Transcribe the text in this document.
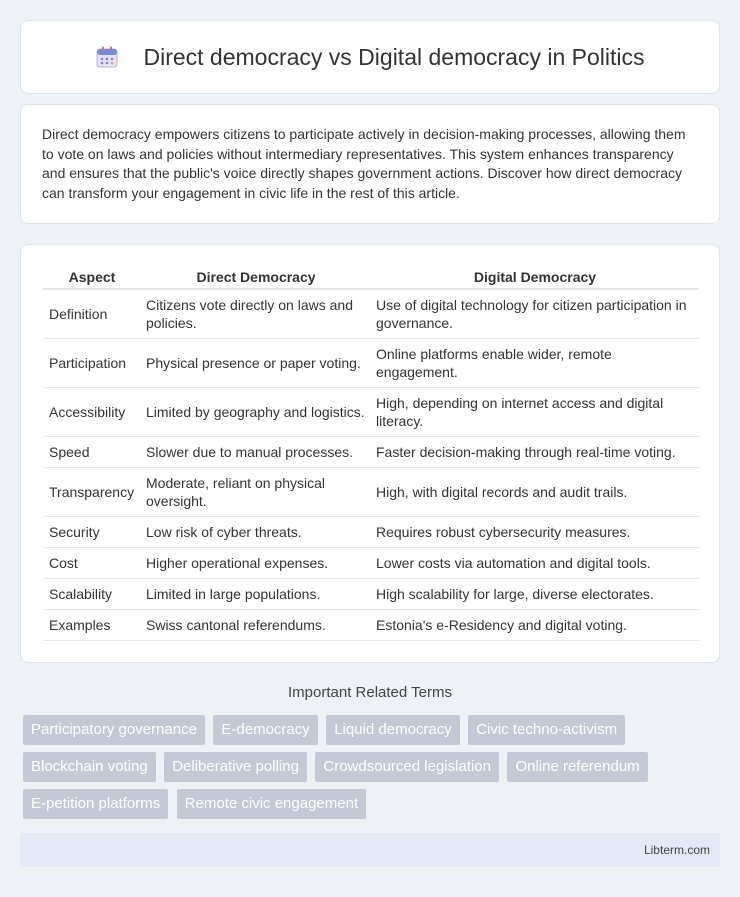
Direct democracy vs Digital democracy in Politics

Direct democracy empowers citizens to participate actively in decision-making processes, allowing them to vote on laws and policies without intermediary representatives. This system enhances transparency and ensures that the public's voice directly shapes government actions. Discover how direct democracy can transform your engagement in civic life in the rest of this article.

Aspect	Direct Democracy	Digital Democracy
Definition	Citizens vote directly on laws and policies.	Use of digital technology for citizen participation in governance.
Participation	Physical presence or paper voting.	Online platforms enable wider, remote engagement.
Accessibility	Limited by geography and logistics.	High, depending on internet access and digital literacy.
Speed	Slower due to manual processes.	Faster decision-making through real-time voting.
Transparency	Moderate, reliant on physical oversight.	High, with digital records and audit trails.
Security	Low risk of cyber threats.	Requires robust cybersecurity measures.
Cost	Higher operational expenses.	Lower costs via automation and digital tools.
Scalability	Limited in large populations.	High scalability for large, diverse electorates.
Examples	Swiss cantonal referendums.	Estonia's e-Residency and digital voting.
Important Related Terms
Participatory governance E-democracy Liquid democracy Civic techno-activism Blockchain voting Deliberative polling Crowdsourced legislation Online referendum E-petition platforms Remote civic engagement
Libterm.com
